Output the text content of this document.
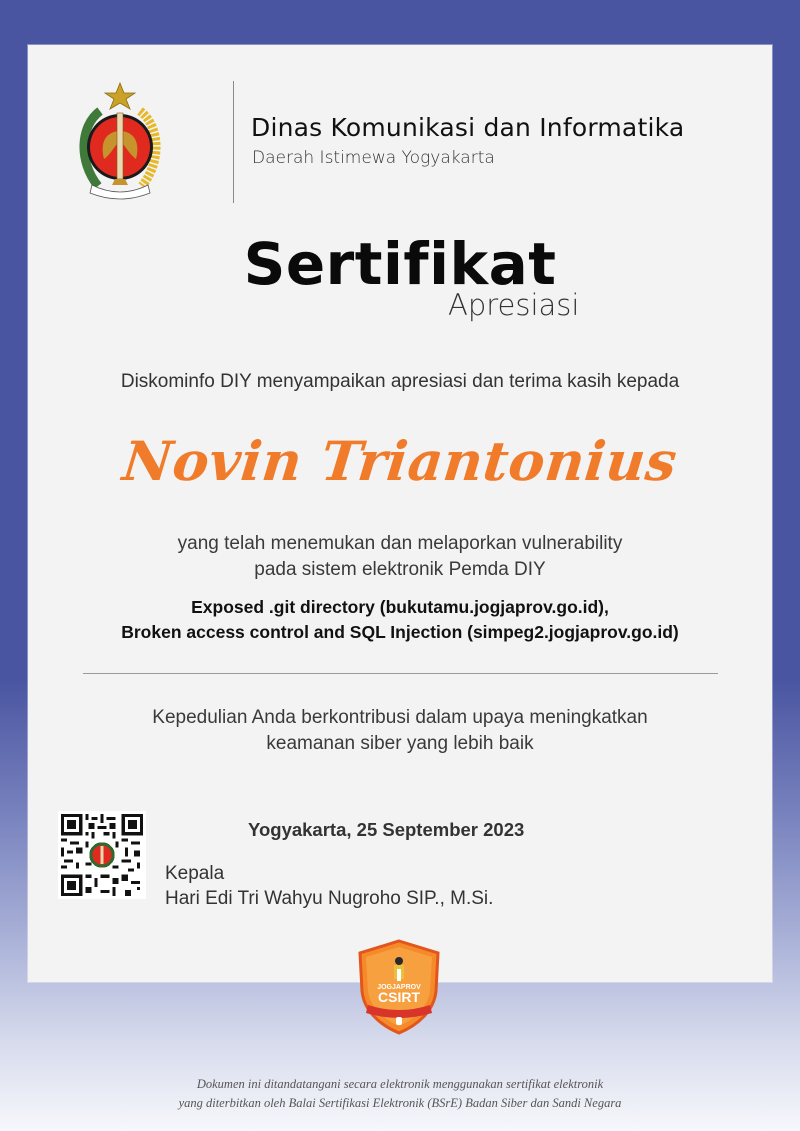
Dinas Komunikasi dan Informatika
Daerah Istimewa Yogyakarta
Sertifikat
Apresiasi
Diskominfo DIY menyampaikan apresiasi dan terima kasih kepada
Novin Triantonius
yang telah menemukan dan melaporkan vulnerability
pada sistem elektronik Pemda DIY
Exposed .git directory (bukutamu.jogjaprov.go.id),
Broken access control and SQL Injection (simpeg2.jogjaprov.go.id)
Kepedulian Anda berkontribusi dalam upaya meningkatkan
keamanan siber yang lebih baik
Yogyakarta, 25 September 2023
Kepala
Hari Edi Tri Wahyu Nugroho SIP., M.Si.
JOGJAPROV
CSIRT
Dokumen ini ditandatangani secara elektronik menggunakan sertifikat elektronik
yang diterbitkan oleh Balai Sertifikasi Elektronik (BSrE) Badan Siber dan Sandi Negara
